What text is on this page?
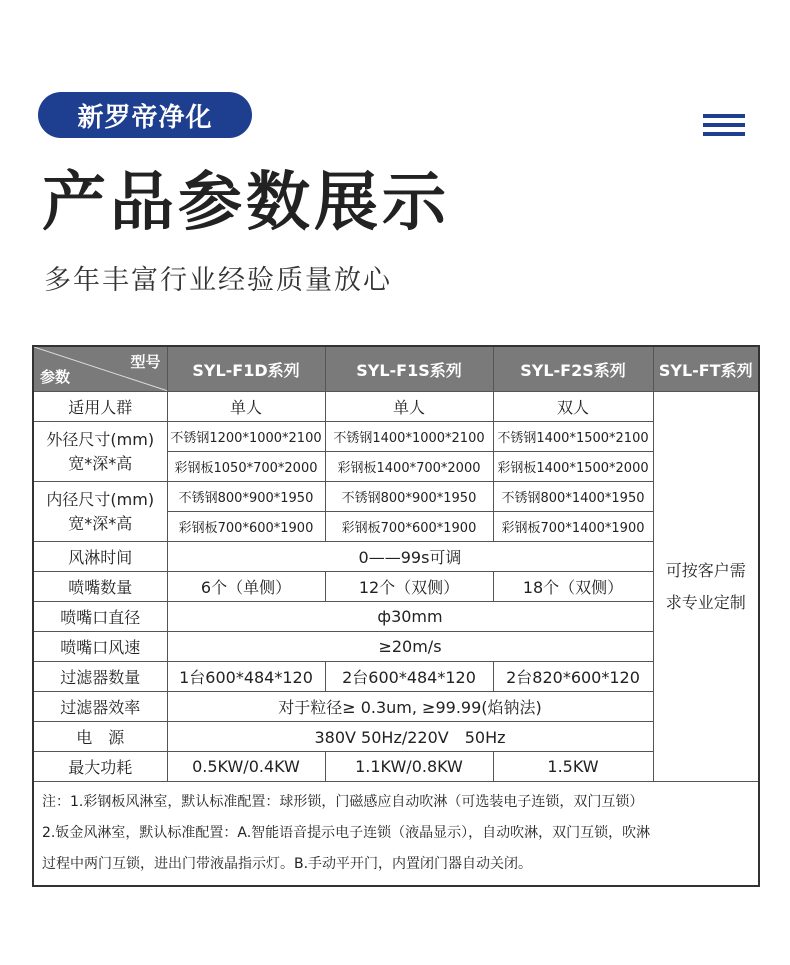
新罗帝净化
产品参数展示
多年丰富行业经验质量放心
型号
参数	SYL-F1D系列	SYL-F1S系列	SYL-F2S系列	SYL-FT系列
适用人群	单人	单人	双人	可按客户需
求专业定制

外径尺寸(mm)
宽*深*高	不锈钢1200*1000*2100	不锈钢1400*1000*2100	不锈钢1400*1500*2100	
	彩钢板1050*700*2000	彩钢板1400*700*2000	彩钢板1400*1500*2000	

内径尺寸(mm)
宽*深*高	不锈钢800*900*1950	不锈钢800*900*1950	不锈钢800*1400*1950	
	彩钢板700*600*1900	彩钢板700*600*1900	彩钢板700*1400*1900	
风淋时间	0——99s可调			
喷嘴数量	6个（单侧）	12个（双侧）	18个（双侧）	
喷嘴口直径	ф30mm			
喷嘴口风速	≥20m/s			
过滤器数量	1台600*484*120	2台600*484*120	2台820*600*120	
过滤器效率	对于粒径≥ 0.3um, ≥99.99(焰钠法)			
电　源	380V 50Hz/220V　50Hz			
最大功耗	0.5KW/0.4KW	1.1KW/0.8KW	1.5KW	

注：1.彩钢板风淋室，默认标准配置：球形锁，门磁感应自动吹淋（可选装电子连锁，双门互锁）
2.钣金风淋室，默认标准配置：A.智能语音提示电子连锁（液晶显示），自动吹淋，双门互锁，吹淋
过程中两门互锁，进出门带液晶指示灯。B.手动平开门，内置闭门器自动关闭。				
